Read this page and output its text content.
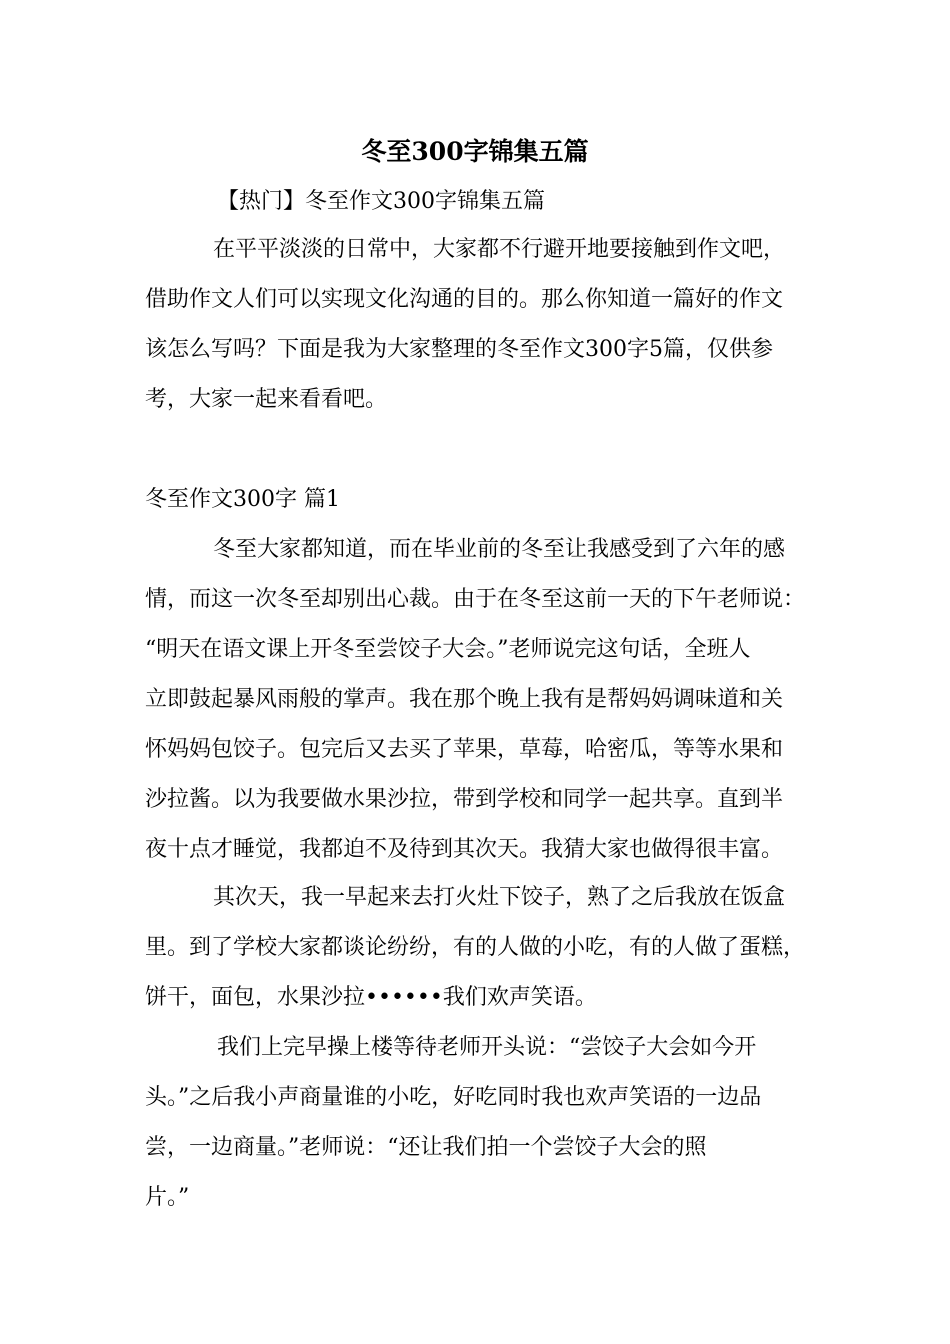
冬至300字锦集五篇

【热门】冬至作文300字锦集五篇

在平平淡淡的日常中，大家都不行避开地要接触到作文吧，

借助作文人们可以实现文化沟通的目的。那么你知道一篇好的作文

该怎么写吗？下面是我为大家整理的冬至作文300字5篇，仅供参

考，大家一起来看看吧。

冬至作文300字 篇1

冬至大家都知道，而在毕业前的冬至让我感受到了六年的感

情，而这一次冬至却别出心裁。由于在冬至这前一天的下午老师说：

“明天在语文课上开冬至尝饺子大会。”老师说完这句话，全班人

立即鼓起暴风雨般的掌声。我在那个晚上我有是帮妈妈调味道和关

怀妈妈包饺子。包完后又去买了苹果，草莓，哈密瓜，等等水果和

沙拉酱。以为我要做水果沙拉，带到学校和同学一起共享。直到半

夜十点才睡觉，我都迫不及待到其次天。我猜大家也做得很丰富。

其次天，我一早起来去打火灶下饺子，熟了之后我放在饭盒

里。到了学校大家都谈论纷纷，有的人做的小吃，有的人做了蛋糕，

饼干，面包，水果沙拉••••••我们欢声笑语。

我们上完早操上楼等待老师开头说：“尝饺子大会如今开

头。”之后我小声商量谁的小吃，好吃同时我也欢声笑语的一边品

尝，一边商量。”老师说：“还让我们拍一个尝饺子大会的照

片。”
